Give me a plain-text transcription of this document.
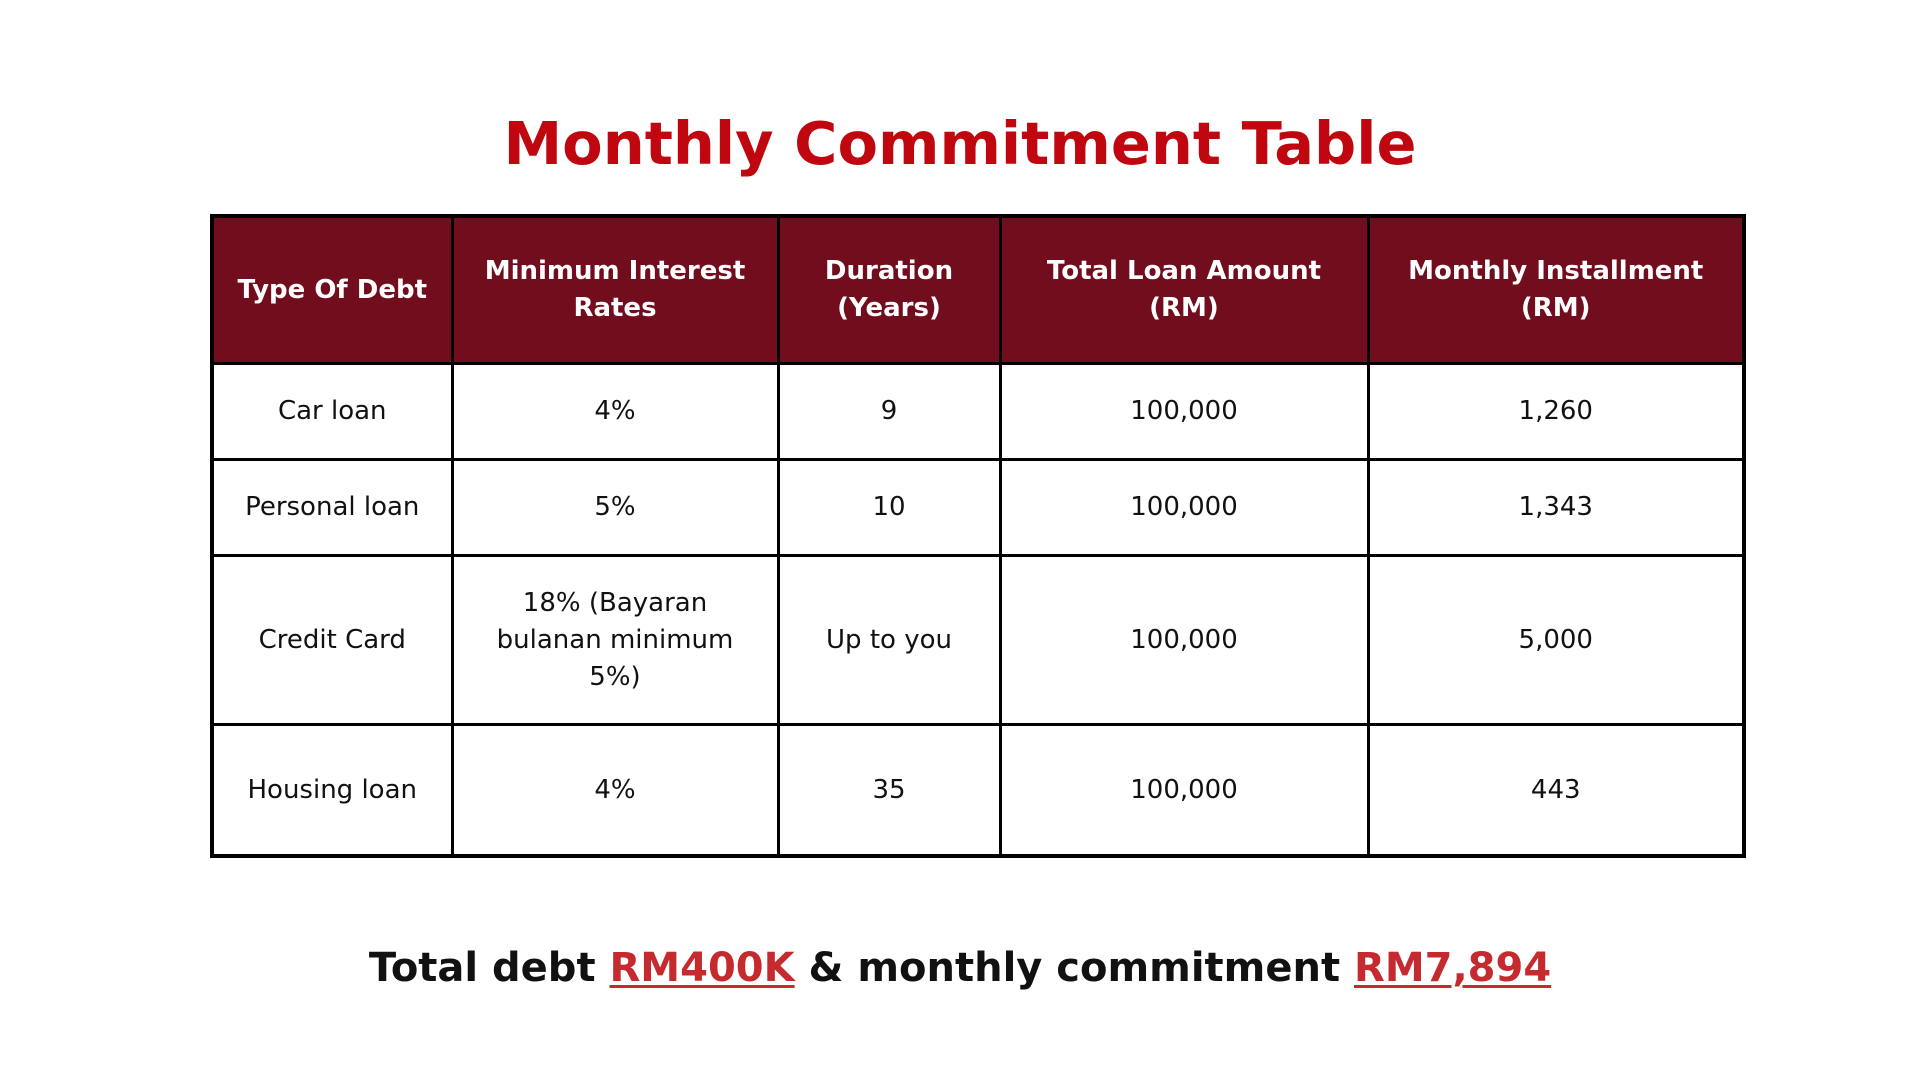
Monthly Commitment Table
Type Of Debt	Minimum Interest Rates	Duration (Years)	Total Loan Amount (RM)	Monthly Installment (RM)
Car loan	4%	9	100,000	1,260
Personal loan	5%	10	100,000	1,343
Credit Card	18% (Bayaran bulanan minimum 5%)	Up to you	100,000	5,000
Housing loan	4%	35	100,000	443
Total debt RM400K & monthly commitment RM7,894
